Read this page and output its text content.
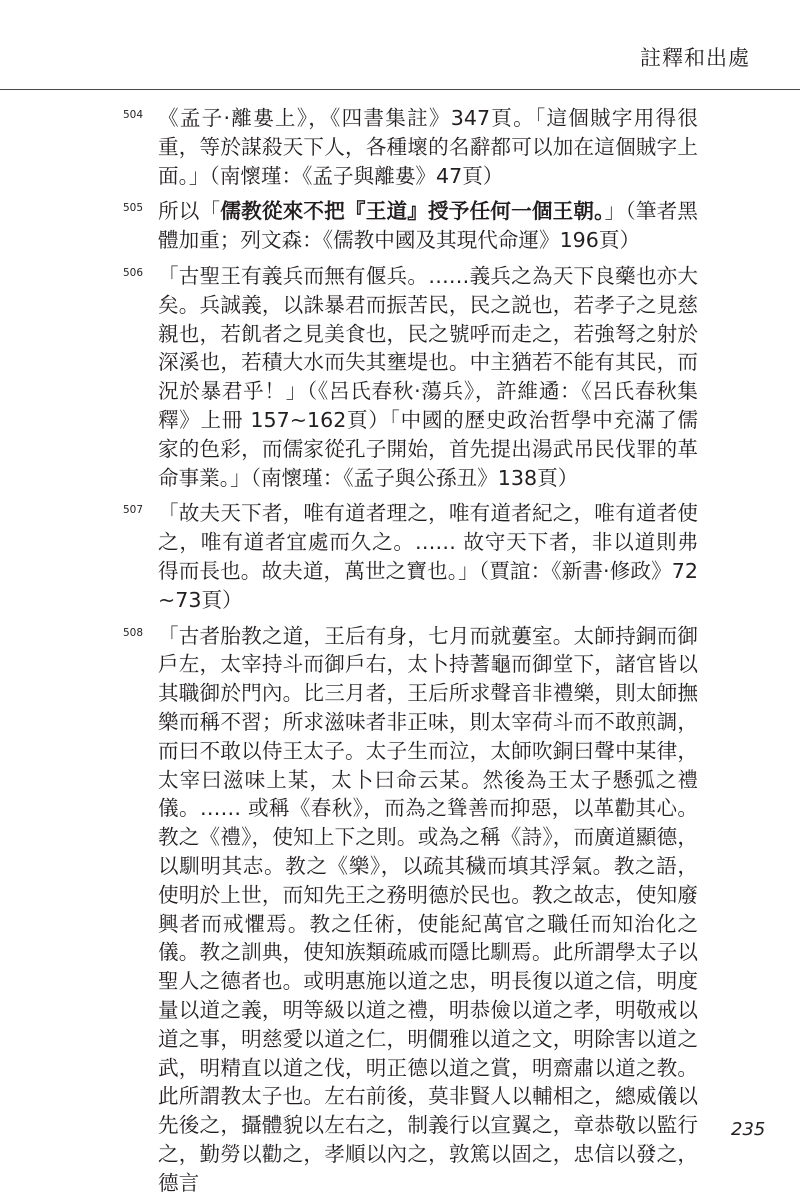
註釋和出處
504 《孟子‧離婁上》，《四書集註》347頁。「這個賊字用得很重，等於謀殺天下人，各種壞的名辭都可以加在這個賊字上面。」（南懷瑾：《孟子與離婁》47頁）
505 所以「儒教從來不把『王道』授予任何一個王朝。」（筆者黑體加重；列文森：《儒教中國及其現代命運》196頁）
506 「古聖王有義兵而無有偃兵。……義兵之為天下良藥也亦大矣。兵誠義，以誅暴君而振苦民，民之説也，若孝子之見慈親也，若飢者之見美食也，民之號呼而走之，若強弩之射於深溪也，若積大水而失其壅堤也。中主猶若不能有其民，而況於暴君乎！」（《呂氏春秋‧蕩兵》，許維遹：《呂氏春秋集釋》上冊 157~162頁）「中國的歷史政治哲學中充滿了儒家的色彩，而儒家從孔子開始，首先提出湯武吊民伐罪的革命事業。」（南懷瑾：《孟子與公孫丑》138頁）
507 「故夫天下者，唯有道者理之，唯有道者紀之，唯有道者使之，唯有道者宜處而久之。…… 故守天下者，非以道則弗得而長也。故夫道，萬世之寶也。」（賈誼：《新書‧修政》72~73頁）
508 「古者胎教之道，王后有身，七月而就蔞室。太師持銅而御戶左，太宰持斗而御戶右，太卜持蓍龜而御堂下，諸官皆以其職御於門內。比三月者，王后所求聲音非禮樂，則太師撫樂而稱不習；所求滋味者非正味，則太宰荷斗而不敢煎調，而曰不敢以侍王太子。太子生而泣，太師吹銅曰聲中某律，太宰曰滋味上某，太卜曰命云某。然後為王太子懸弧之禮儀。…… 或稱《春秋》，而為之聳善而抑惡，以革勸其心。教之《禮》，使知上下之則。或為之稱《詩》，而廣道顯德，以馴明其志。教之《樂》，以疏其穢而填其浮氣。教之語，使明於上世，而知先王之務明德於民也。教之故志，使知廢興者而戒懼焉。教之任術，使能紀萬官之職任而知治化之儀。教之訓典，使知族類疏戚而隱比馴焉。此所謂學太子以聖人之德者也。或明惠施以道之忠，明長復以道之信，明度量以道之義，明等級以道之禮，明恭儉以道之孝，明敬戒以道之事，明慈愛以道之仁，明僩雅以道之文，明除害以道之武，明精直以道之伐，明正德以道之賞，明齋肅以道之教。此所謂教太子也。左右前後，莫非賢人以輔相之，總威儀以先後之，攝體貌以左右之，制義行以宣翼之，章恭敬以監行之，勤勞以勸之，孝順以內之，敦篤以固之，忠信以發之，德言
235
